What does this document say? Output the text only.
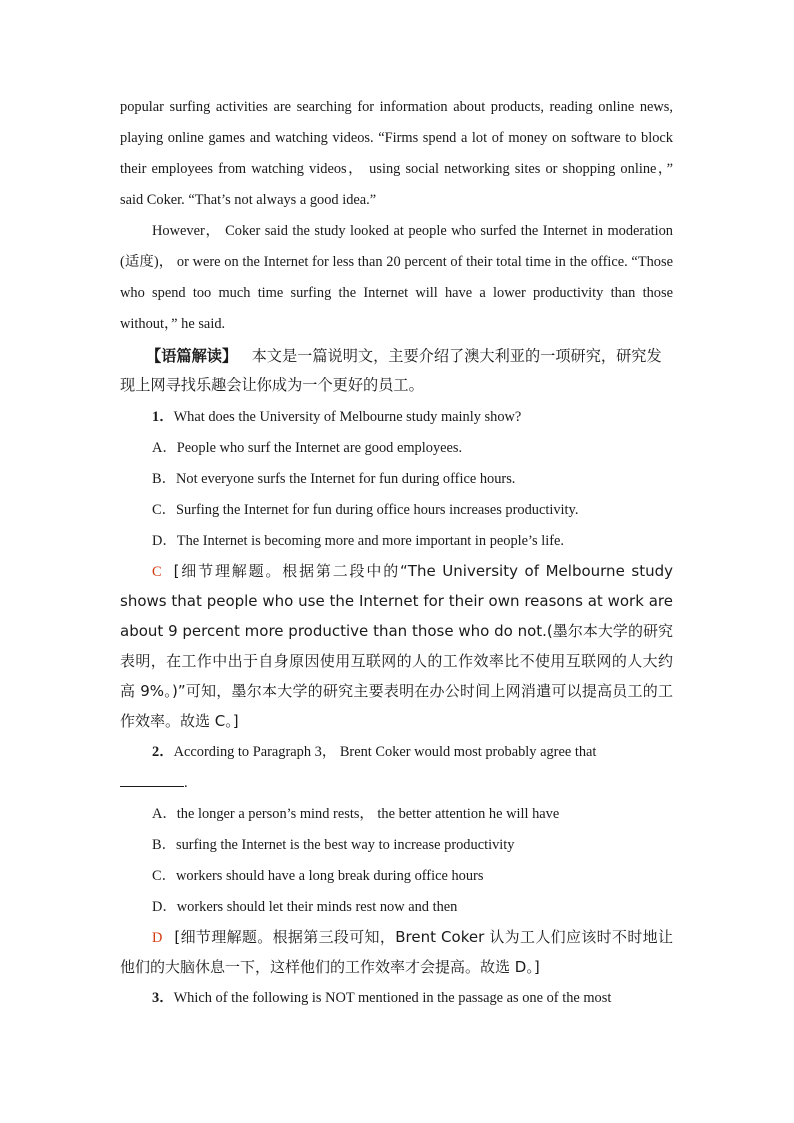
popular surfing activities are searching for information about products, reading online news, playing online games and watching videos. “Firms spend a lot of money on software to block their employees from watching videos， using social networking sites or shopping online，” said Coker. “That’s not always a good idea.”

However， Coker said the study looked at people who surfed the Internet in moderation (适度)， or were on the Internet for less than 20 percent of their total time in the office. “Those who spend too much time surfing the Internet will have a lower productivity than those without，” he said.

【语篇解读】 本文是一篇说明文，主要介绍了澳大利亚的一项研究，研究发现上网寻找乐趣会让你成为一个更好的员工。

1．What does the University of Melbourne study mainly show?

A．People who surf the Internet are good employees.

B．Not everyone surfs the Internet for fun during office hours.

C．Surfing the Internet for fun during office hours increases productivity.

D．The Internet is becoming more and more important in people’s life.

C [细节理解题。根据第二段中的“The University of Melbourne study shows that people who use the Internet for their own reasons at work are about 9 percent more productive than those who do not.(墨尔本大学的研究表明，在工作中出于自身原因使用互联网的人的工作效率比不使用互联网的人大约高 9%。)”可知，墨尔本大学的研究主要表明在办公时间上网消遣可以提高员工的工作效率。故选 C。]

2．According to Paragraph 3， Brent Coker would most probably agree that

.

A．the longer a person’s mind rests， the better attention he will have

B．surfing the Internet is the best way to increase productivity

C．workers should have a long break during office hours

D．workers should let their minds rest now and then

D [细节理解题。根据第三段可知，Brent Coker 认为工人们应该时不时地让他们的大脑休息一下，这样他们的工作效率才会提高。故选 D。]

3．Which of the following is NOT mentioned in the passage as one of the most
